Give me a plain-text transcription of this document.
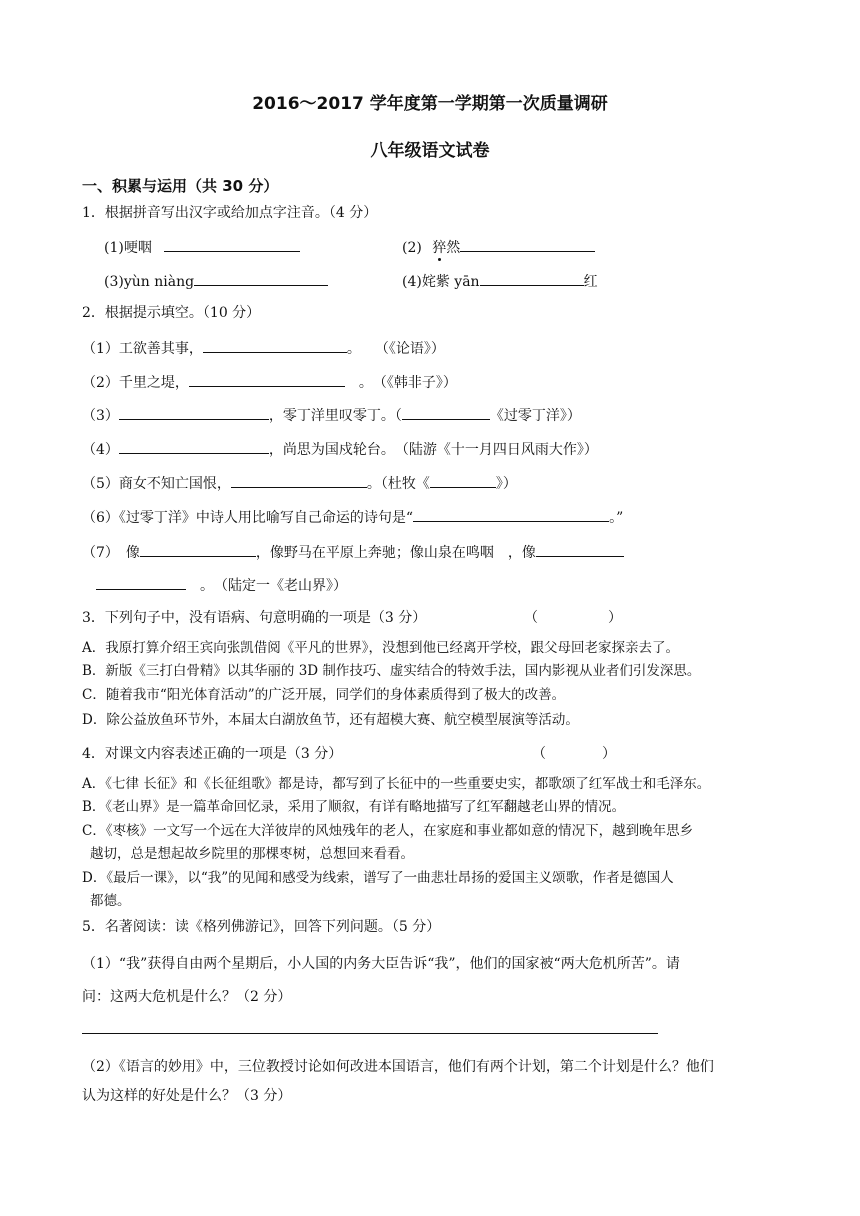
2016～2017 学年度第一学期第一次质量调研
八年级语文试卷
一、积累与运用（共 30 分）
1．根据拼音写出汉字或给加点字注音。（4 分）
(1)哽咽	(2) 猝然
(3)yùn niàng	(4)姹紫 yān	红
2．根据提示填空。（10 分）
（1）工欲善其事，	。　　（《论语》）
（2）千里之堤，	　。　（《韩非子》）
（3）	，零丁洋里叹零丁。（	《过零丁洋》）
（4）	，尚思为国戍轮台。　（陆游《十一月四日风雨大作》）
（5）商女不知亡国恨，	。（杜牧《	》）
（6）《过零丁洋》中诗人用比喻写自己命运的诗句是“	。”
（7）　像	，像野马在平原上奔驰；像山泉在鸣咽　，像
　。　（陆定一《老山界》）
3．下列句子中，没有语病、句意明确的一项是（3 分）	（　　　　　）
A．我原打算介绍王宾向张凯借阅《平凡的世界》，没想到他已经离开学校，跟父母回老家探亲去了。
B．新版《三打白骨精》以其华丽的 3D 制作技巧、虚实结合的特效手法，国内影视从业者们引发深思。
C．随着我市“阳光体育活动”的广泛开展，同学们的身体素质得到了极大的改善。
D．除公益放鱼环节外，本届太白湖放鱼节，还有超模大赛、航空模型展演等活动。
4．对课文内容表述正确的一项是（3 分）	（　　　　）
A．《七律 长征》和《长征组歌》都是诗，都写到了长征中的一些重要史实，都歌颂了红军战士和毛泽东。
B．《老山界》是一篇革命回忆录，采用了顺叙，有详有略地描写了红军翻越老山界的情况。
C．《枣核》一文写一个远在大洋彼岸的风烛残年的老人，在家庭和事业都如意的情况下，越到晚年思乡
越切，总是想起故乡院里的那棵枣树，总想回来看看。
D．《最后一课》，以“我”的见闻和感受为线索，谱写了一曲悲壮昂扬的爱国主义颂歌，作者是德国人
都德。
5．名著阅读：读《格列佛游记》，回答下列问题。（5 分）
（1）“我”获得自由两个星期后，小人国的内务大臣告诉“我”，他们的国家被“两大危机所苦”。请
问：这两大危机是什么？（2 分）
（2）《语言的妙用》中，三位教授讨论如何改进本国语言，他们有两个计划，第二个计划是什么？他们
认为这样的好处是什么？（3 分）
